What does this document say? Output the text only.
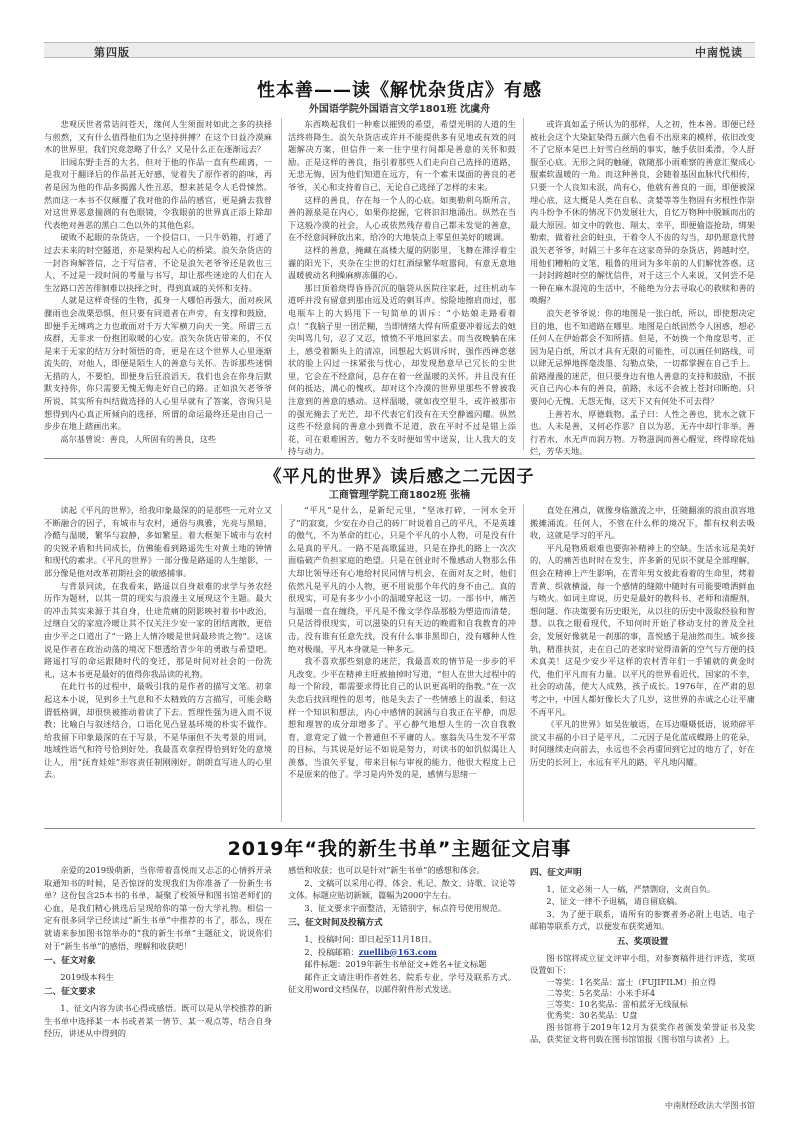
第四版	中南悦读
性本善——读《解忧杂货店》有感
外国语学院外国语言文学1801班 沈虞舟

悲观厌世者常诘问苍天，缘何人生须面对如此之多的抉择与煎熬，又有什么值得他们为之坚持拼搏？在这个日益冷漠麻木的世界里，我们究竟忽略了什么？又是什么正在逐渐远去？

旧闻东野圭吾的大名，但对于他的作品一直有些疏离，一是我对于翻译后的作品甚无好感，觉着失了原作者的韵味，再者是因为他的作品多揭露人性丑恶，想来甚是令人毛骨悚然。然而这一本书不仅颠覆了我对他的作品的感官，更是撬去我曾对这世界恶意揣测的有色眼镜，令我眼前的世界真正添上除却代表绝对善恶的黑白二色以外的其他色彩。

破败不起眼的杂货店，一个投信口，一只牛奶箱，打通了过去未来的时空隧道，亦是架构起人心的桥梁。浪矢杂货店的一封咨询解答信，之于写信者，不论是浪矢老爷爷还是敦也三人，不过是一段时间的考量与书写，却让那些迷途的人们在人生岔路口苦苦徘徊难以抉择之时，得到真诚的关怀和支持。

人就是这样奇怪的生物，孤身一人哪怕再强大，面对疾风骤雨也会战栗恐惧，但只要有同道者在声旁，有支撑和鼓励，即便手无缚鸡之力也敢面对千万大军横刀向天一笑。所谓三五成群，无非求一份抱团取暖的心安。浪矢杂货店带来的，不仅是来于无家的结万分时领悟的奇，更是在这个世界人心里逐渐流失的，对他人，即便是陌生人的善意与关怀。告诉那些迷惘无措的人，不要怕，即便身后狂浪滔天，我们也会在你身后默默支持你，你只需要无愧无悔走好自己的路。正如浪矢老爷爷所说，其实所有纠结做选择的人心里早就有了答案，咨询只是想得到内心真正所倾向的选择，所谓的命运最终还是由自己一步步在地上踏画出来。

高尔基曾说：善良，人所固有的善良，这些

东西唤起我们一种难以摧毁的希望，希望光明的人道的生活终将降生。浪矢杂货店或许并不能提供多有见地或有效的问题解决方案，但信件一来一往字里行间都是善意的关怀和鼓励。正是这样的善良，指引着那些人们走向自己选择的道路，无悲无悔，因为他们知道在远方，有一个素未谋面的善良的老爷爷，关心和支持着自己，无论自己选择了怎样的未来。

这样的善良，存在每一个人的心底。如奥勒利乌斯所言，善的源泉是在内心，如果你挖掘，它将汩汩地涌出。纵然在当下这般冷漠的社会，人心或依然残存着自己都未发觉的善意，在不经意间释放出来，给冷的大地装点上零星但美好的暖调。

这样的善意，掩藏在高楼大厦的阴影里，飞舞在滞浮着尘霾的阳光下，夹杂在尘世的灯红酒绿繁华喧嚣间，有意无意地温暖被动名利操麻痹冻僵的心。

那日顶着烧得昏昏沉沉的脑袋从医院往家赶，过往机动车道呼并没有留意到那由远及近的刺耳声。惊险地擦肩而过，那电瓶车上的大妈甩下一句简单的训斥：“小姑娘走路看着点！”我脑子里一团茫糊，当即情绪大悍有所重要冲着远去的她尖叫骂几句，忍了又忍，愤愤不平地回家去。而当夜晚躺在床上，感受着额头上的清凉，回想起大妈训斥时，强作西禅恋慈状的脸上闪过一抹紧张与忧心，却发现愁意早已冗长的尘世里，它会在不经意间，总存在着一丝温暖的关怀。并且没有任何的抵达，满心的愧疚，却对这个冷漠的世界里那些不曾被我注意到的善意的感动。这样温暖，就如夜空里斗，或许被那市的强光掩去了光芒，却不代表它们没有在天空静谧闪耀。纵然这些不经意间的善意小到微不足道，放在平时不过是错上添花，可在艰难困苦，勉力不支时便如雪中送炭，让人我大的支持与动力。

或许真如孟子所认为的那样，人之初，性本善。即便已经被社会这个大染缸染得五颜六色看不出原来的模样，依旧改变不了它原本是巴上好雪白丝绢的事实，触手依旧柔滑，令人舒服至心底。无形之间的触碰，就随那小雨难察的善意汇聚成心服素软温暖的一角。而这种善良，会随着基因血脉代代相传，只要一个人良知未泯，尚有心，他就有善良的一面，即便被深埋心底，这大概是人类在自私、贪婪等等生物固有劣根性作崇内斗纷争不休的情况下仍发展壮大，自忆万物种中脱颖而出的最大原因。如文中的敦也、翔太、幸平，即便偷盗抢劫，绑架勒索，做着社会的蛀虫，干着令人不齿的勾当，却仍愿意代替浪矢老爷爷，时隔三十多年在这家奇异的杂货店，跨越时空，用他们糟粕的文笔，粗鲁的用词为多年前的人们解忧答惑。这一封封跨越时空的解忧信件，对于这三个人来说，又何尝不是一种在麻木混沌的生活中，不能绝为分去寻取心的救赎和善的唤醒？

浪矢老爷爷说：你的地图是一张白纸，所以，即使想决定目的地，也不知道路在哪里。地图是白纸固然令人困惑，想必任何人在伊始都会不知所措。但是，不妨换一个角度思考，正因为是白纸，所以才具有无限的可能性，可以画任何路线，可以肆无忌惮地挥毫泼墨、勾勒点染，一切都掌握在自己手上。前路漫漫的迷茫，但只要身边有他人善意的支持和鼓励，不抿灭自己内心本有的善良，前路，永远不会被上苍封印断绝。只要问心无愧、无怨无悔，这天下又有何处不可去得？

上善若水，厚德载物。孟子曰：人性之善也，犹水之就下也。人未是善，又何必作恶？自以为恶，无卉中却行非举。善行若水，水无声而润万物。万物滋润而善心醒觉，终得琼花灿烂，芳华天地。

《平凡的世界》读后感之二元因子
工商管理学院工商1802班 张楠

读起《平凡的世界》，给我印象最深的的是那些一元对立又不断融合的因子，有城市与农村，通俗与典雅，光亮与黑暗，冷酷与温暖，繁华与寂静，多如繁星。着大框架下城市与农村的尖锐矛盾和共同成长，仿佛能看到路遥先生对黄土地的钟情和现代的素求。《平凡的世界》一部分像是路遥的人生缩影，一部分像是他对改革初期社会的敏感捕事。

与背景同读，在我看来，路遥以自身艰难的求学与务农经历作为题材，以其一贯的现实与浪漫主义展现这个主题。最大的冲击其实来源于其自身，仕途荒痛的阴影映衬着书中政治，过继自父的家庭冷暖让其不仅关注少安一家的团结离散，更倍由少平之口道出了“一路上人情冷暖是世间最珍贵之物”。这该说是作者在政治动荡的境况下想透给青少年的勇敢与希望吧。路遥打写的命运跟随时代的变迁，那是时间对社会的一份洗礼，这本书更是最好的值得你我品读的礼物。

在此行书的过程中，最吸引我的是作者的描写文笔。初拿起这本小说，见到乡土气息和不太精致的方言描写，可能会略谓低格调，却很快被推动着读了下去。哲理性强为进入而不说教；比喻白与叙述结合，口语化见凸显基环境的朴实不做作。给我留下印象最深的在于写景，不是华丽但不失考景的用词，地域性语气和符号恰到好处。我最喜欢拿捏得恰到好处的意境让人，用“抚育娃娃”形容责任制刚刚好，朗朗直写进人的心里去。

“平凡”是什么，是新纪元里，“坚冰打碎，一河水全开了”的寂寞，少安在办自己的砖厂时说着自己的平凡，不是英雄的傲气，不为革命的红心，只是个平凡的小人物，可是没有什么是真的平凡。一路不是高歌猛进，只是在挣扎的路上一次次面临破产负担家庭的绝望。只是在创业时不像感动人物那么伟大却比领导还有心地给村民同情与机会，在面对友之时，他们依然凡是平凡的小人物，更不用说那个年代的身不由己。真的很现实，可是有多少小小的温暖穿起这一切。一部书中，痛苦与温暖一直在缠绕，平凡是不像文学作品那般为塑造而清楚，只是活得很现实，可以滋染的只有天边的晚霞和自我教育的冲击。没有谁有任意先找，没有什么事非黑即白，没有哪种人性绝对极端，平凡本身就是一种多元。

我不喜欢那些刻意的迷茫，我最喜欢的情节是一步步的平凡改变。少平在精神主旺被抽掉时写道，“但人在世大过程中的每一个阶段，都需要求得比自己的认识更高明的指教。”在一次失恋后找回理性的思考，他是失去了一些情感上的温柔，但这样一个知识和想法，内心中感情的洞涵与自我正在平静，而思想和理智的成分却增多了。平心静气地想人生的一次自我教育，意竟定了做一个普通但不平庸的人。塞翁失马生发不平常的目标，与其说是好运不如说是努力，对读书的如饥似渴让人羡慕，当浪矢平复，带来目标与审视的能力，他很大程度上已不是原来的他了。学习是内外发的是，感情与思绪一

直处在沸点，就像身临激流之中，任随翻滚的浪由浪容地搬摊涌流。任何人，不管在什么样的境况下，都有权利去吸收，这就是学习的平凡。

平凡是物质艰难也要弥补精神上的空缺。生活永远是美好的，人的痛苦也时时在发生，许多新的见识不就是全部理解，但会在精神上产生影响，在青年男女彼此看着的生命里，烤着青黄、织就横溢，每一个感情的缝隙中随时有可能要喷洒鲜血与喷火。如词主席说，历史是最好的教科书、老师和清醒剂，想问题、作决策要有历史眼光，从以往的历史中汲取经验和智慧。以我之眼看现代，不知何时开始了移动支付的普及全社会，发展好像就是一刹那的事，喜悦感于是油然而生。城乡接轨，精准扶贫，走在自己的老家时觉得清新的空气与方便的技术真美！这是少安少平这样的农村青年们一手铺就的黄金时代，他们平凡而有力量。以平凡的世界看近代，国家的不幸，社会的动荡，使大人成熟，孩子成长。1976年，在严肃的思考之中，中国人都好像长大了几岁，这世界的赤诚之心让平庸不再平凡。

《平凡的世界》如吴佐敏语，在耳边嗫嗫低语，说琐碎平淡又丰福的小日子是平凡，二元因子是化蓝成蝶路上的花朵，时间继续走向前去，永远也不会再重回到它过的地方了，好在历史的长河上，永远有平凡的路，平凡地闪耀。

2019年“我的新生书单”主题征文启事

亲爱的2019级萌新，当你带着喜悦而又忐忑的心情拆开录取通知书的时候，是否惊讶的发现我们为你准备了一份新生书单？这份包含25本书的书单，凝聚了校领导和图书馆老师们的心血，是我们精心挑选后呈现给你的第一份大学礼物。相信一定有很多同学已经读过“新生书单”中推荐的书了，那么，现在就请来参加图书馆举办的“我的新生书单”主题征文，说说你们对于“新生书单”的感悟、理解和收获吧！

一、征文对象

2019级本科生

二、征文要求

1、征文内容为读书心得或感悟。既可以是从学校推荐的新生书单中选择某一本书或者某一情节、某一观点等，结合自身经历，讲述从中得到的

感悟和收获；也可以是针对“新生书单”的感想和体会。

2、文稿可以采用心得、体会、札记、散文、诗歌、议论等文体。标题应贴切新颖，篇幅为2000字左右。

3、征文要求字面整洁，无错别字，标点符号使用规范。

三、征文时间及投稿方式

1、投稿时间：即日起至11月18日。

2、投稿邮箱：zuellib@163.com

邮件标题：2019年新生书单征文+姓名+征文标题

邮件正文请注明作者姓名、院系专业、学号及联系方式。征文用word文档保存，以邮件附件形式发送。

四、征文声明

1、征文必须一人一稿，严禁剽窃，文责自负。

2、征文一律不予退稿，请自留底稿。

3、为了便于联系，请所有的参赛者务必附上电话、电子邮箱等联系方式，以便发布获奖通知。

五、奖项设置

图书馆将成立征文评审小组，对参赛稿件进行评选，奖项设置如下：

一等奖：1名奖品：富士（FUJIFILM）拍立得

二等奖：5名奖品：小米手环4

三等奖：10名奖品：雷柏蓝牙无线鼠标

优秀奖：30名奖品：U盘

图书馆将于2019年12月为获奖作者颁发荣誉证书及奖品，获奖征文将刊载在图书馆馆报《图书馆与读者》上。

中南财经政法大学图书馆
